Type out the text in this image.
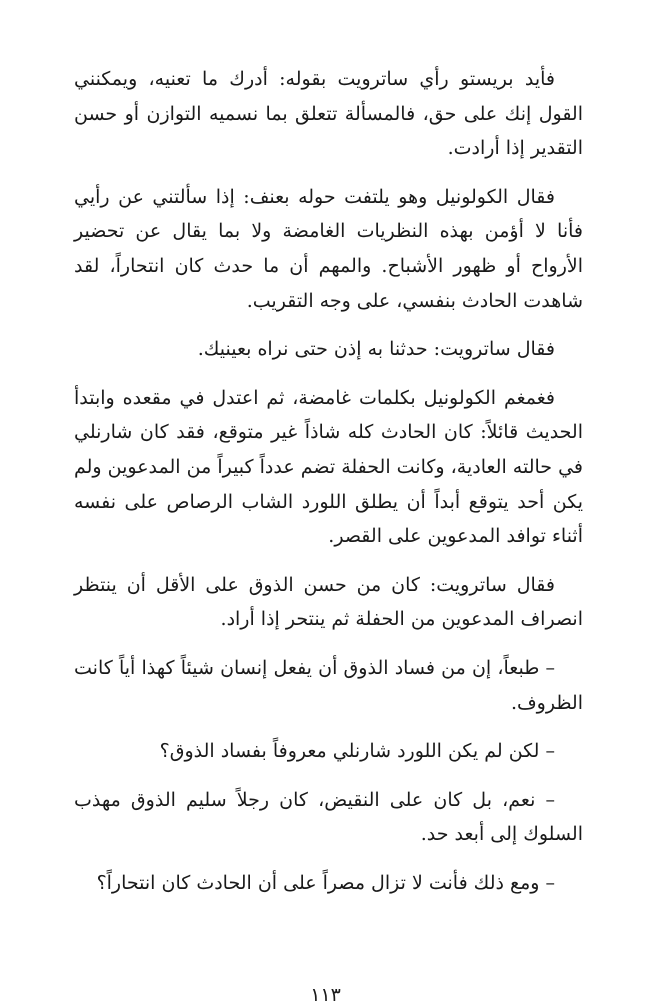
فأيد بريستو رأي ساترويت بقوله: أدرك ما تعنيه، ويمكنني القول إنك على حق، فالمسألة تتعلق بما نسميه التوازن أو حسن التقدير إذا أرادت.

فقال الكولونيل وهو يلتفت حوله بعنف: إذا سألتني عن رأيي فأنا لا أؤمن بهذه النظريات الغامضة ولا بما يقال عن تحضير الأرواح أو ظهور الأشباح. والمهم أن ما حدث كان انتحاراً، لقد شاهدت الحادث بنفسي، على وجه التقريب.

فقال ساترويت: حدثنا به إذن حتى نراه بعينيك.

فغمغم الكولونيل بكلمات غامضة، ثم اعتدل في مقعده وابتدأ الحديث قائلاً: كان الحادث كله شاذاً غير متوقع، فقد كان شارنلي في حالته العادية، وكانت الحفلة تضم عدداً كبيراً من المدعوين ولم يكن أحد يتوقع أبداً أن يطلق اللورد الشاب الرصاص على نفسه أثناء توافد المدعوين على القصر.

فقال ساترويت: كان من حسن الذوق على الأقل أن ينتظر انصراف المدعوين من الحفلة ثم ينتحر إذا أراد.

– طبعاً، إن من فساد الذوق أن يفعل إنسان شيئاً كهذا أياً كانت الظروف.

– لكن لم يكن اللورد شارنلي معروفاً بفساد الذوق؟

– نعم، بل كان على النقيض، كان رجلاً سليم الذوق مهذب السلوك إلى أبعد حد.

– ومع ذلك فأنت لا تزال مصراً على أن الحادث كان انتحاراً؟

١١٣
